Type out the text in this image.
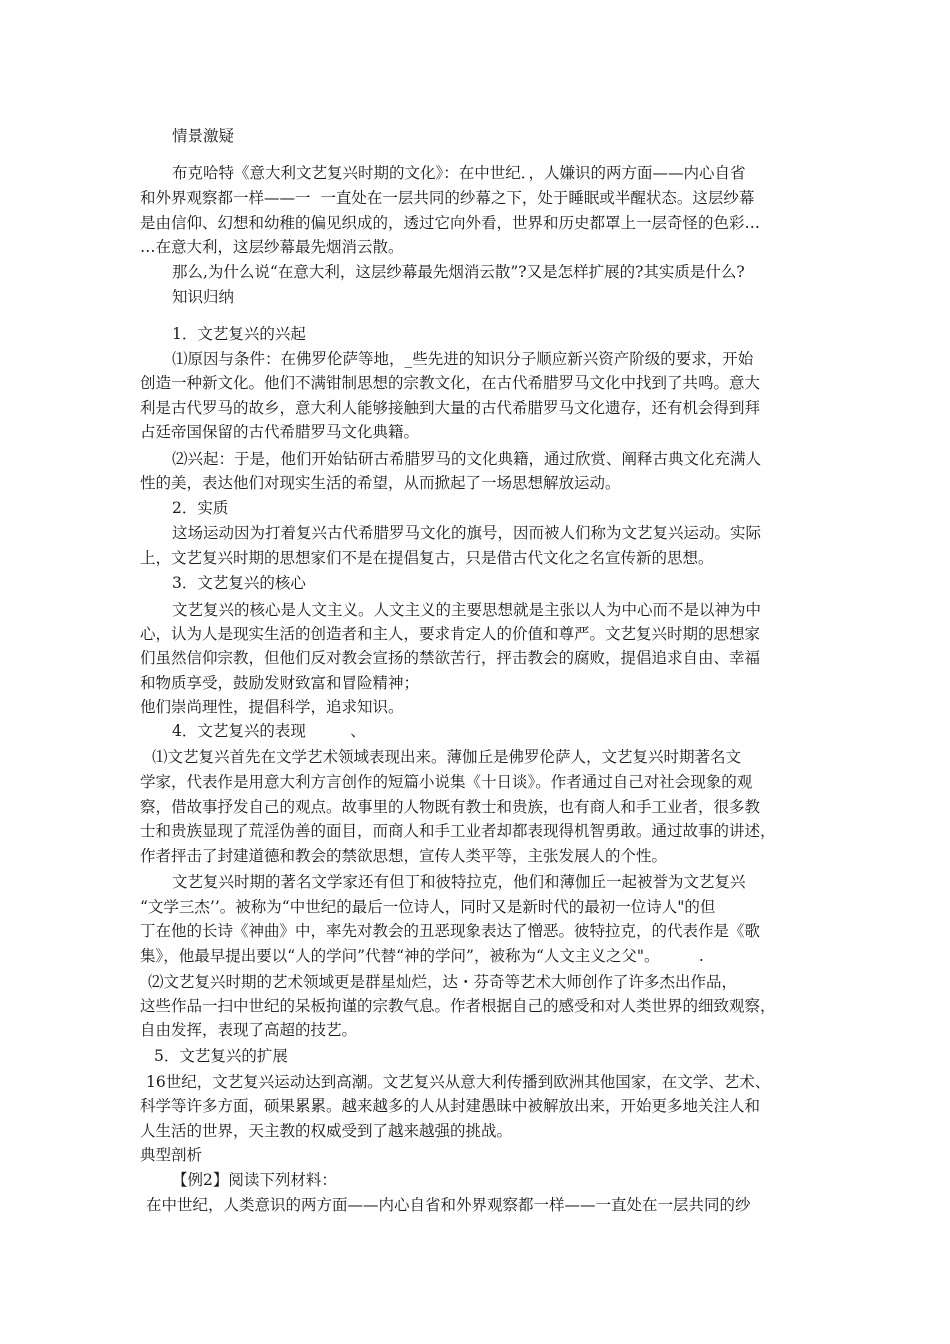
情景激疑
布克哈特《意大利文艺复兴时期的文化》：在中世纪．，人嫌识的两方面——内心自省
和外界观察都一样——一  一直处在一层共同的纱幕之下，处于睡眠或半醒状态。这层纱幕
是由信仰、幻想和幼稚的偏见织成的，透过它向外看，世界和历史都罩上一层奇怪的色彩…
…在意大利，这层纱幕最先烟消云散。
那么,为什么说“在意大利，这层纱幕最先烟消云散”?又是怎样扩展的?其实质是什么?
知识归纳
1．文艺复兴的兴起
⑴原因与条件：在佛罗伦萨等地，_些先进的知识分子顺应新兴资产阶级的要求，开始
创造一种新文化。他们不满钳制思想的宗教文化，在古代希腊罗马文化中找到了共鸣。意大
利是古代罗马的故乡，意大利人能够接触到大量的古代希腊罗马文化遗存，还有机会得到拜
占廷帝国保留的古代希腊罗马文化典籍。
⑵兴起：于是，他们开始钻研古希腊罗马的文化典籍，通过欣赏、阐释古典文化充满人
性的美，表达他们对现实生活的希望，从而掀起了一场思想解放运动。
2．实质
这场运动因为打着复兴古代希腊罗马文化的旗号，因而被人们称为文艺复兴运动。实际
上，文艺复兴时期的思想家们不是在提倡复古，只是借古代文化之名宣传新的思想。
3．文艺复兴的核心
文艺复兴的核心是人文主义。人文主义的主要思想就是主张以人为中心而不是以神为中
心，认为人是现实生活的创造者和主人，要求肯定人的价值和尊严。文艺复兴时期的思想家
们虽然信仰宗教，但他们反对教会宣扬的禁欲苦行，抨击教会的腐败，提倡追求自由、幸福
和物质享受，鼓励发财致富和冒险精神；
他们崇尚理性，提倡科学，追求知识。
4．文艺复兴的表现         、
⑴文艺复兴首先在文学艺术领域表现出来。薄伽丘是佛罗伦萨人，文艺复兴时期著名文
学家，代表作是用意大利方言创作的短篇小说集《十日谈》。作者通过自己对社会现象的观
察，借故事抒发自己的观点。故事里的人物既有教士和贵族，也有商人和手工业者，很多教
士和贵族显现了荒淫伪善的面目，而商人和手工业者却都表现得机智勇敢。通过故事的讲述，
作者抨击了封建道德和教会的禁欲思想，宣传人类平等，主张发展人的个性。
文艺复兴时期的著名文学家还有但丁和彼特拉克，他们和薄伽丘一起被誉为文艺复兴
“文学三杰’’。被称为“中世纪的最后一位诗人，同时又是新时代的最初一位诗人"的但
丁在他的长诗《神曲》中，率先对教会的丑恶现象表达了憎恶。彼特拉克，的代表作是《歌
集》，他最早提出要以“人的学问”代替“神的学问”，被称为“人文主义之父"。        .
⑵文艺复兴时期的艺术领域更是群星灿烂，达・芬奇等艺术大师创作了许多杰出作品，
这些作品一扫中世纪的呆板拘谨的宗教气息。作者根据自己的感受和对人类世界的细致观察，
自由发挥，表现了高超的技艺。
5．文艺复兴的扩展
16世纪，文艺复兴运动达到高潮。文艺复兴从意大利传播到欧洲其他国家，在文学、艺术、
科学等许多方面，硕果累累。越来越多的人从封建愚昧中被解放出来，开始更多地关注人和
人生活的世界，天主教的权威受到了越来越强的挑战。
典型剖析
【例2】阅读下列材料：
在中世纪，人类意识的两方面——内心自省和外界观察都一样——一直处在一层共同的纱
